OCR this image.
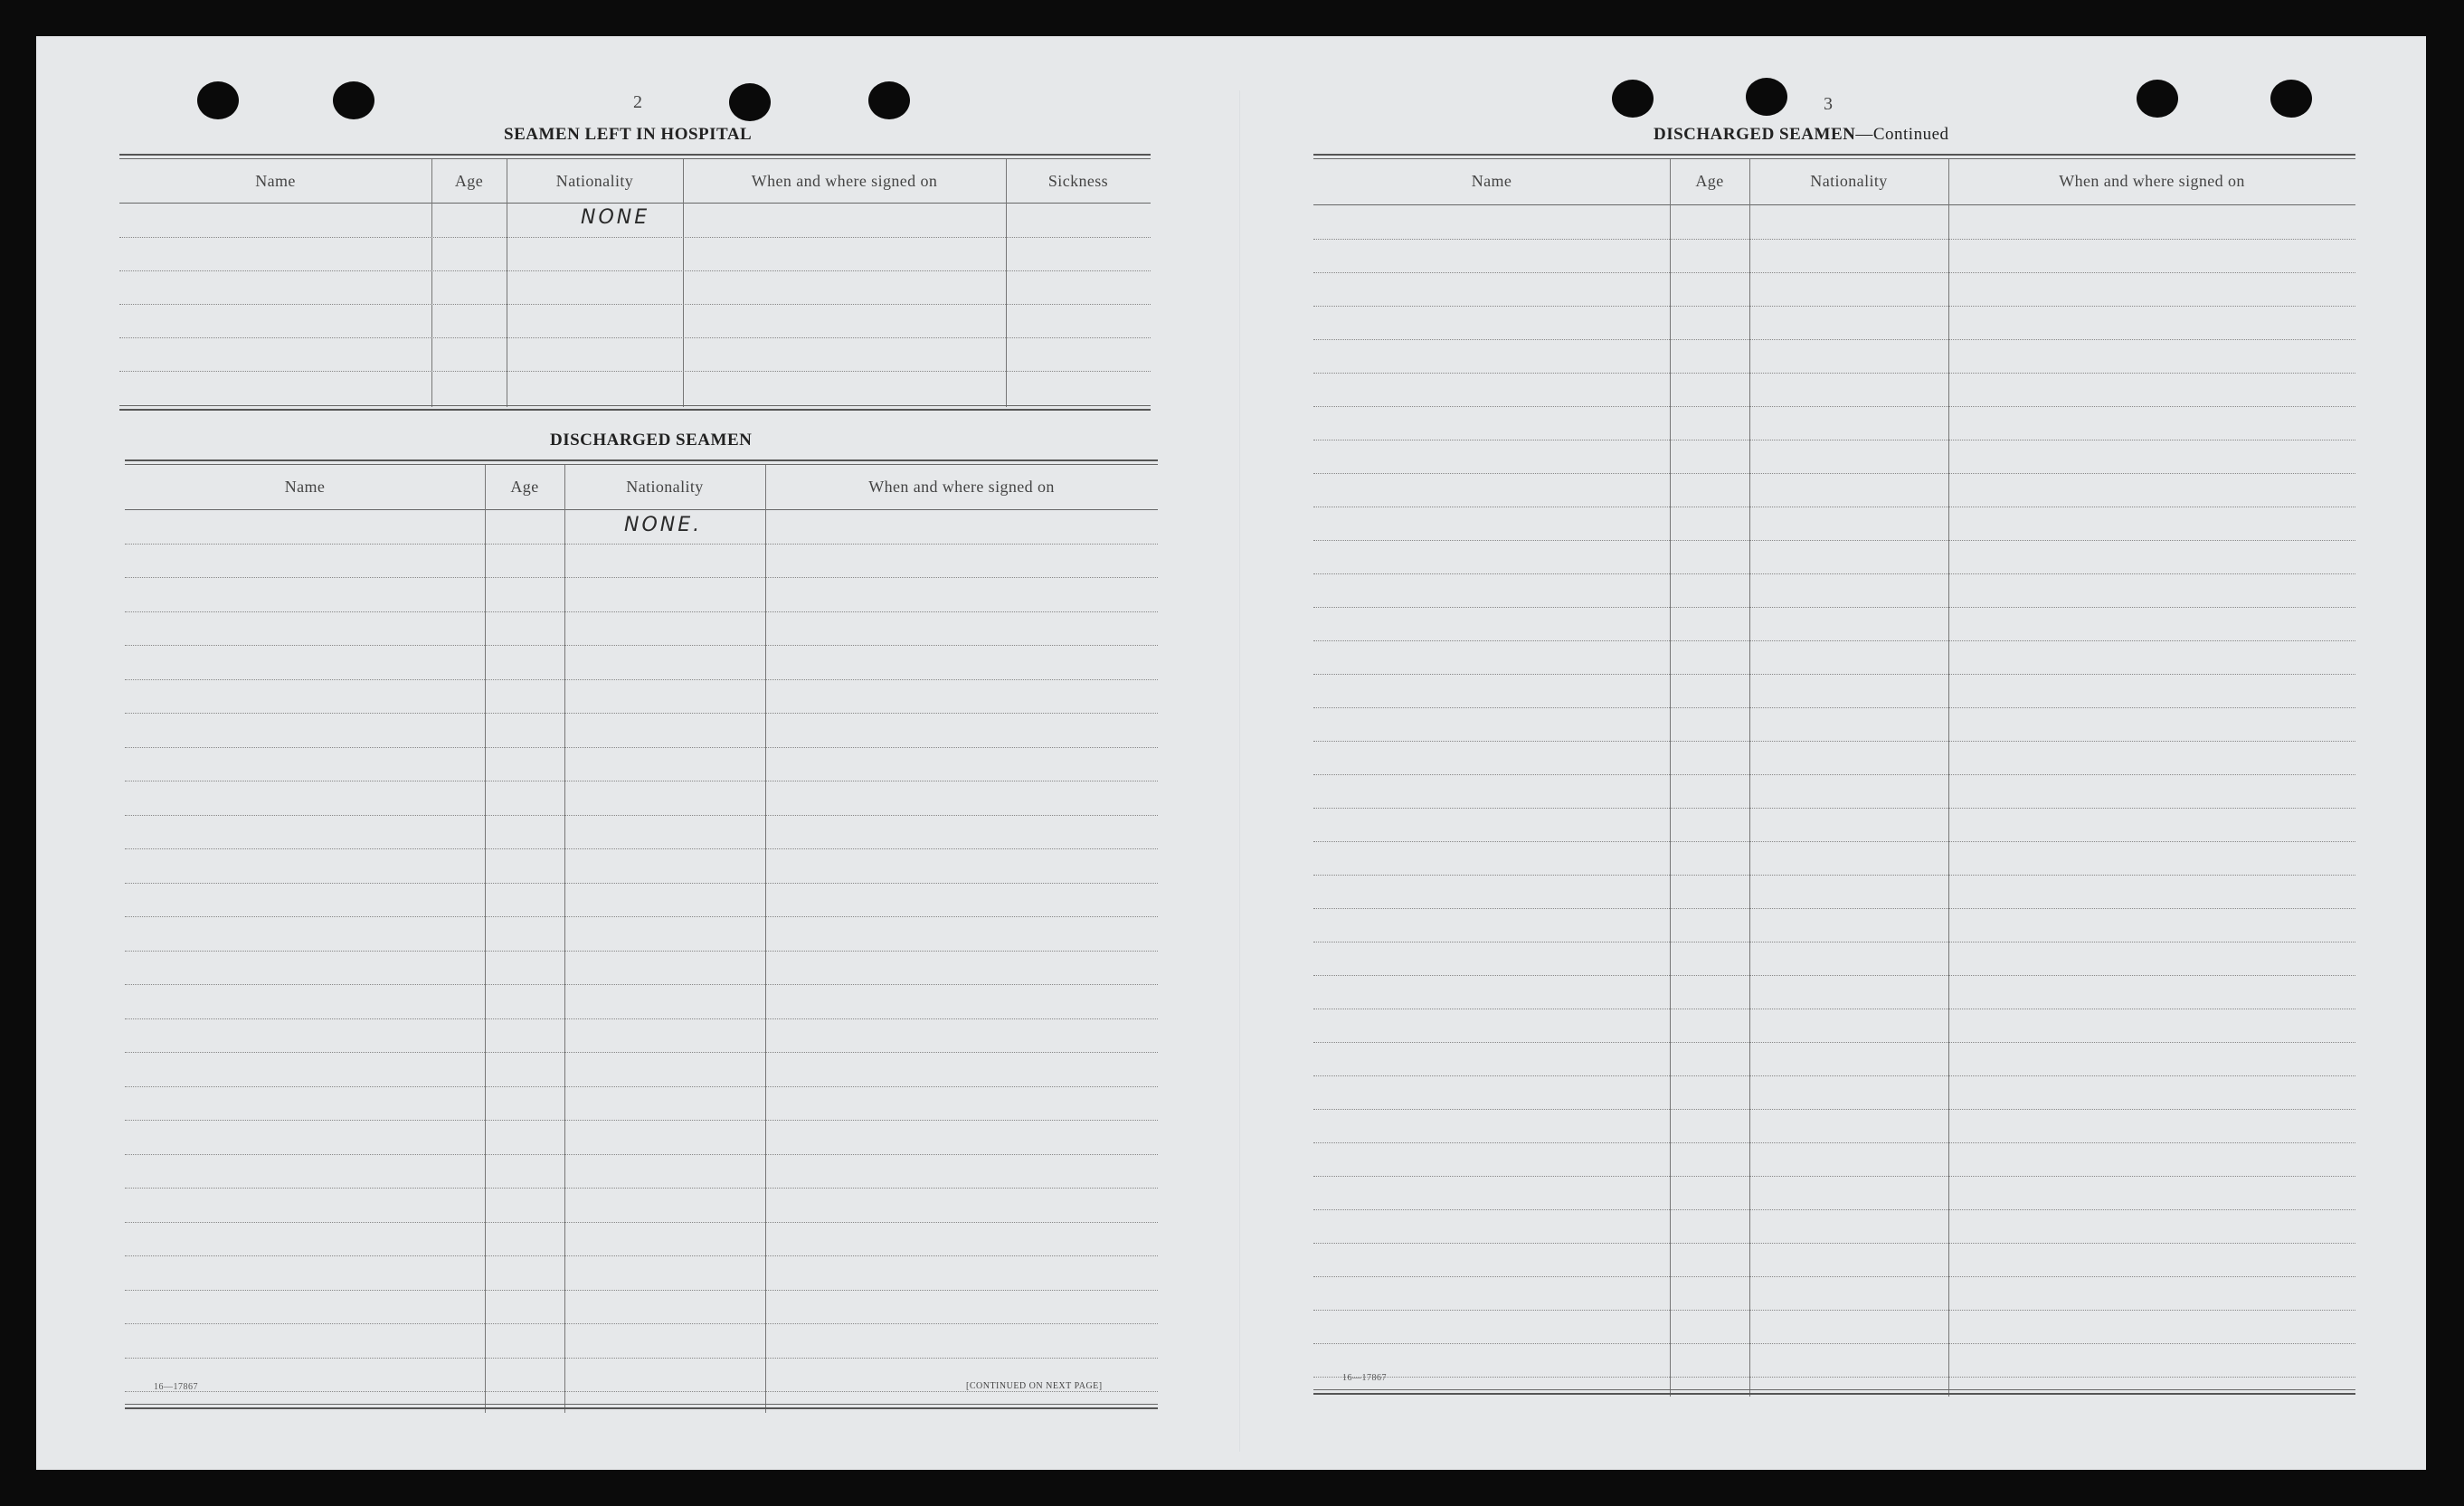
2
SEAMEN LEFT IN HOSPITAL
Name	Age	Nationality	When and where signed on	Sickness
NONE
DISCHARGED SEAMEN
Name	Age	Nationality	When and where signed on
NONE.
16—17867	[CONTINUED ON NEXT PAGE]
3
DISCHARGED SEAMEN—Continued
Name	Age	Nationality	When and where signed on
16—17867
